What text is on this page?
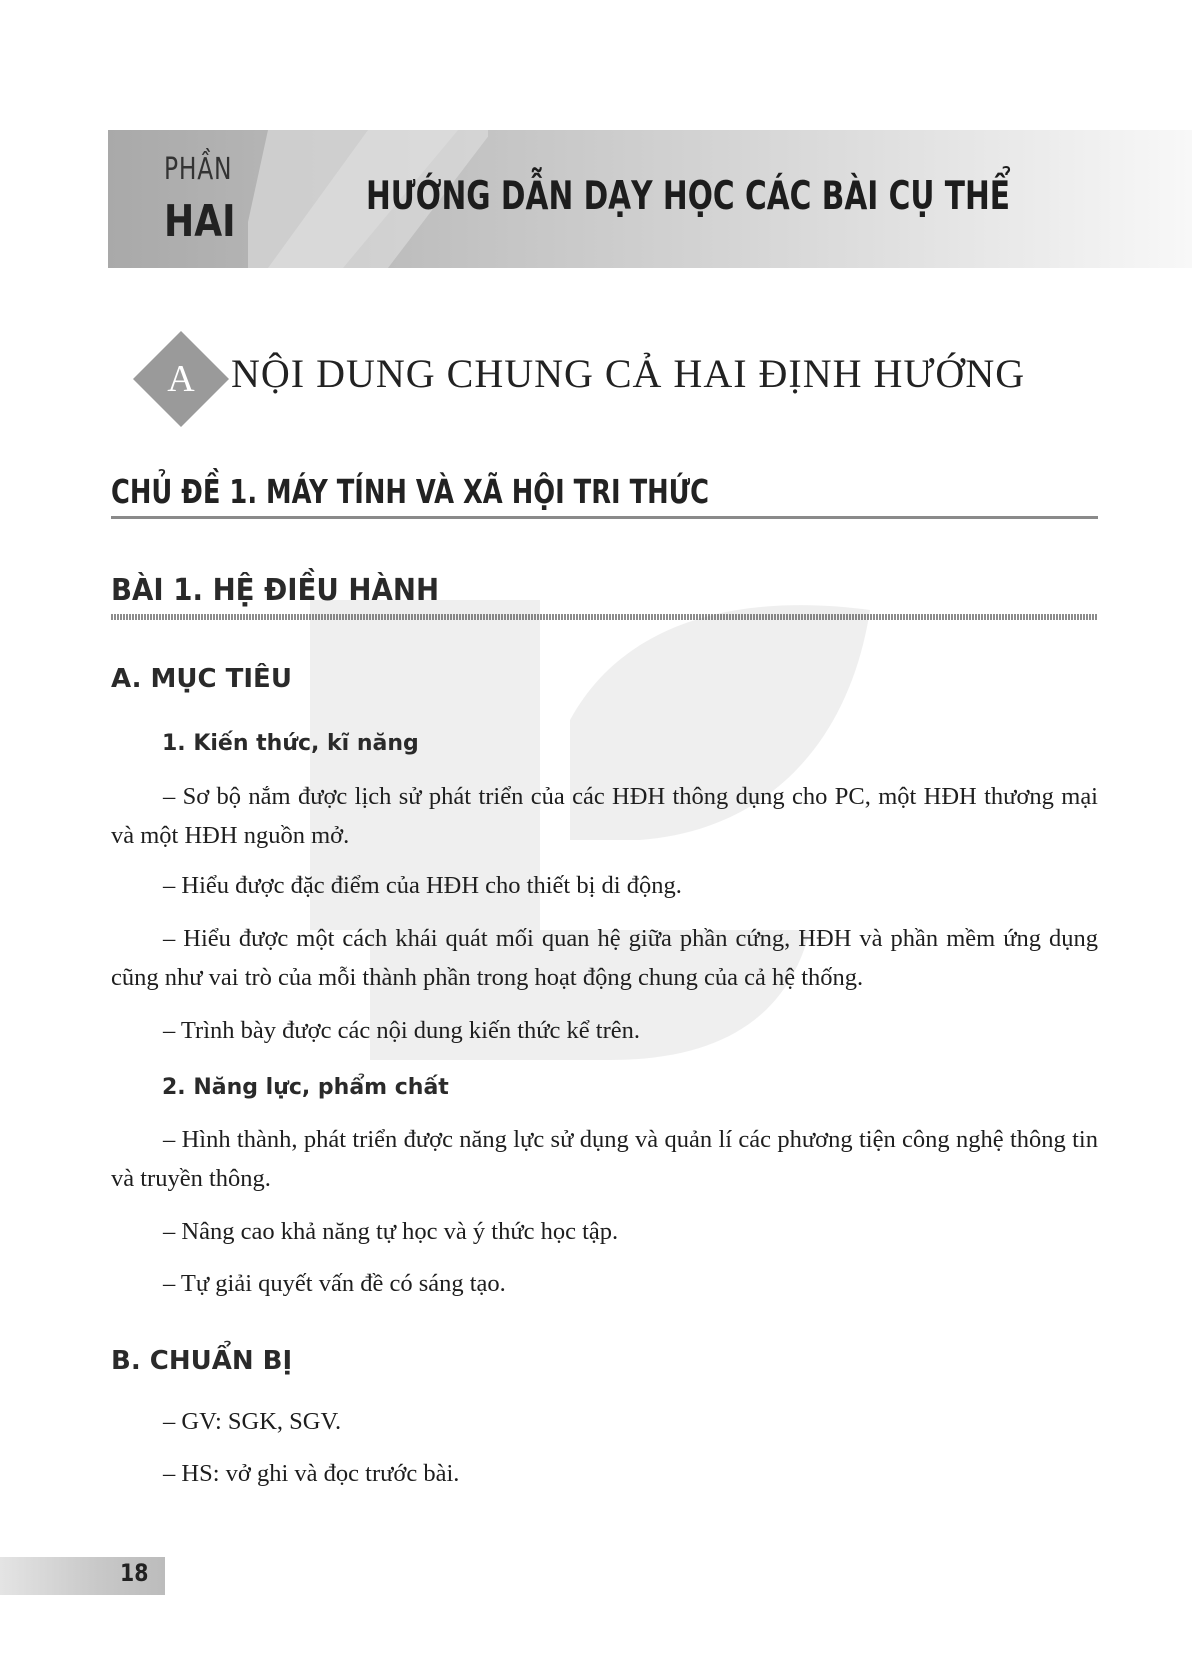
PHẦN
HAI	HƯỚNG DẪN DẠY HỌC CÁC BÀI CỤ THỂ
A NỘI DUNG CHUNG CẢ HAI ĐỊNH HƯỚNG
CHỦ ĐỀ 1. MÁY TÍNH VÀ XÃ HỘI TRI THỨC
BÀI 1. HỆ ĐIỀU HÀNH
A. MỤC TIÊU
1. Kiến thức, kĩ năng
– Sơ bộ nắm được lịch sử phát triển của các HĐH thông dụng cho PC, một HĐH thương mại và một HĐH nguồn mở.
– Hiểu được đặc điểm của HĐH cho thiết bị di động.
– Hiểu được một cách khái quát mối quan hệ giữa phần cứng, HĐH và phần mềm ứng dụng cũng như vai trò của mỗi thành phần trong hoạt động chung của cả hệ thống.
– Trình bày được các nội dung kiến thức kể trên.
2. Năng lực, phẩm chất
– Hình thành, phát triển được năng lực sử dụng và quản lí các phương tiện công nghệ thông tin và truyền thông.
– Nâng cao khả năng tự học và ý thức học tập.
– Tự giải quyết vấn đề có sáng tạo.
B. CHUẨN BỊ
– GV: SGK, SGV.
– HS: vở ghi và đọc trước bài.
18
